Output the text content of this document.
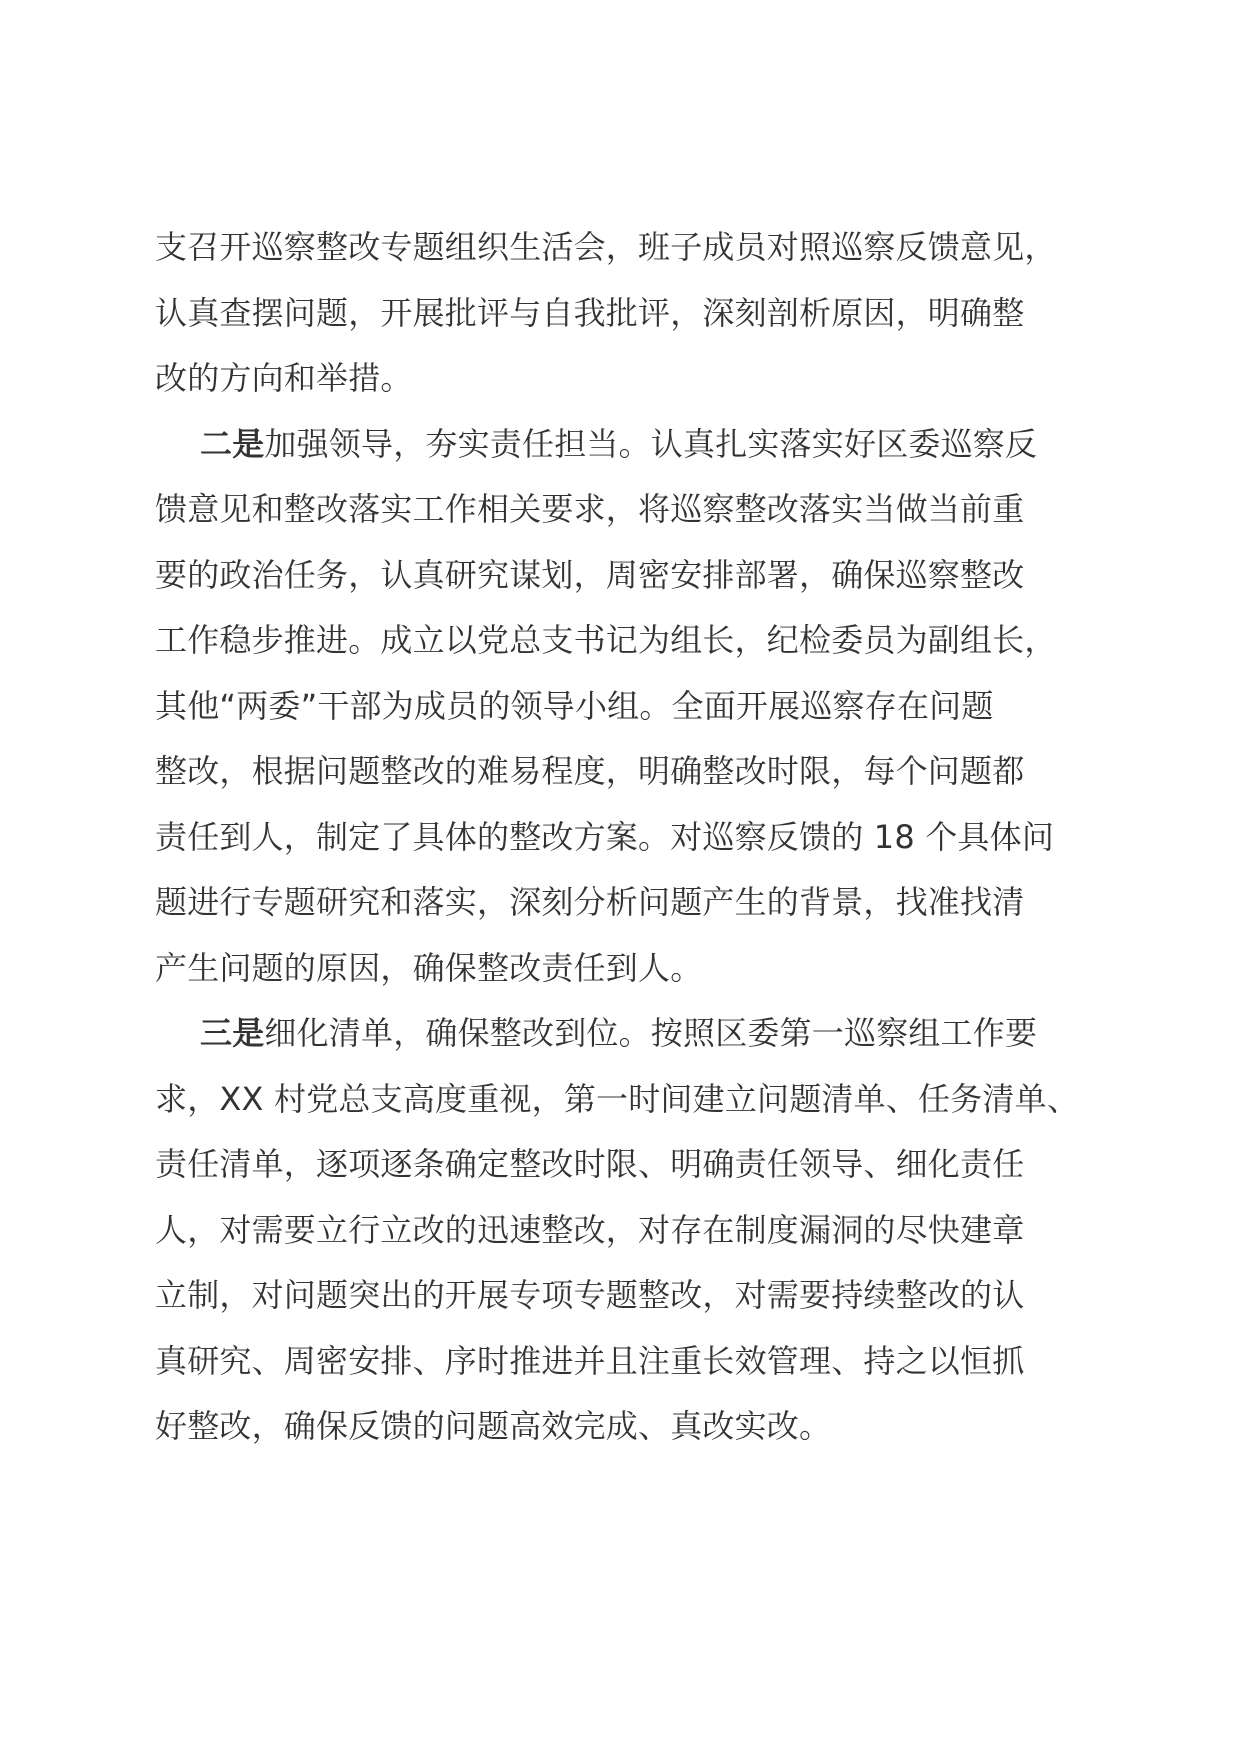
支召开巡察整改专题组织生活会，班子成员对照巡察反馈意见，
认真查摆问题，开展批评与自我批评，深刻剖析原因，明确整
改的方向和举措。
二是加强领导，夯实责任担当。认真扎实落实好区委巡察反
馈意见和整改落实工作相关要求，将巡察整改落实当做当前重
要的政治任务，认真研究谋划，周密安排部署，确保巡察整改
工作稳步推进。成立以党总支书记为组长，纪检委员为副组长，
其他“两委”干部为成员的领导小组。全面开展巡察存在问题
整改，根据问题整改的难易程度，明确整改时限，每个问题都
责任到人，制定了具体的整改方案。对巡察反馈的 18 个具体问
题进行专题研究和落实，深刻分析问题产生的背景，找准找清
产生问题的原因，确保整改责任到人。
三是细化清单，确保整改到位。按照区委第一巡察组工作要
求，XX 村党总支高度重视，第一时间建立问题清单、任务清单、
责任清单，逐项逐条确定整改时限、明确责任领导、细化责任
人，对需要立行立改的迅速整改，对存在制度漏洞的尽快建章
立制，对问题突出的开展专项专题整改，对需要持续整改的认
真研究、周密安排、序时推进并且注重长效管理、持之以恒抓
好整改，确保反馈的问题高效完成、真改实改。
